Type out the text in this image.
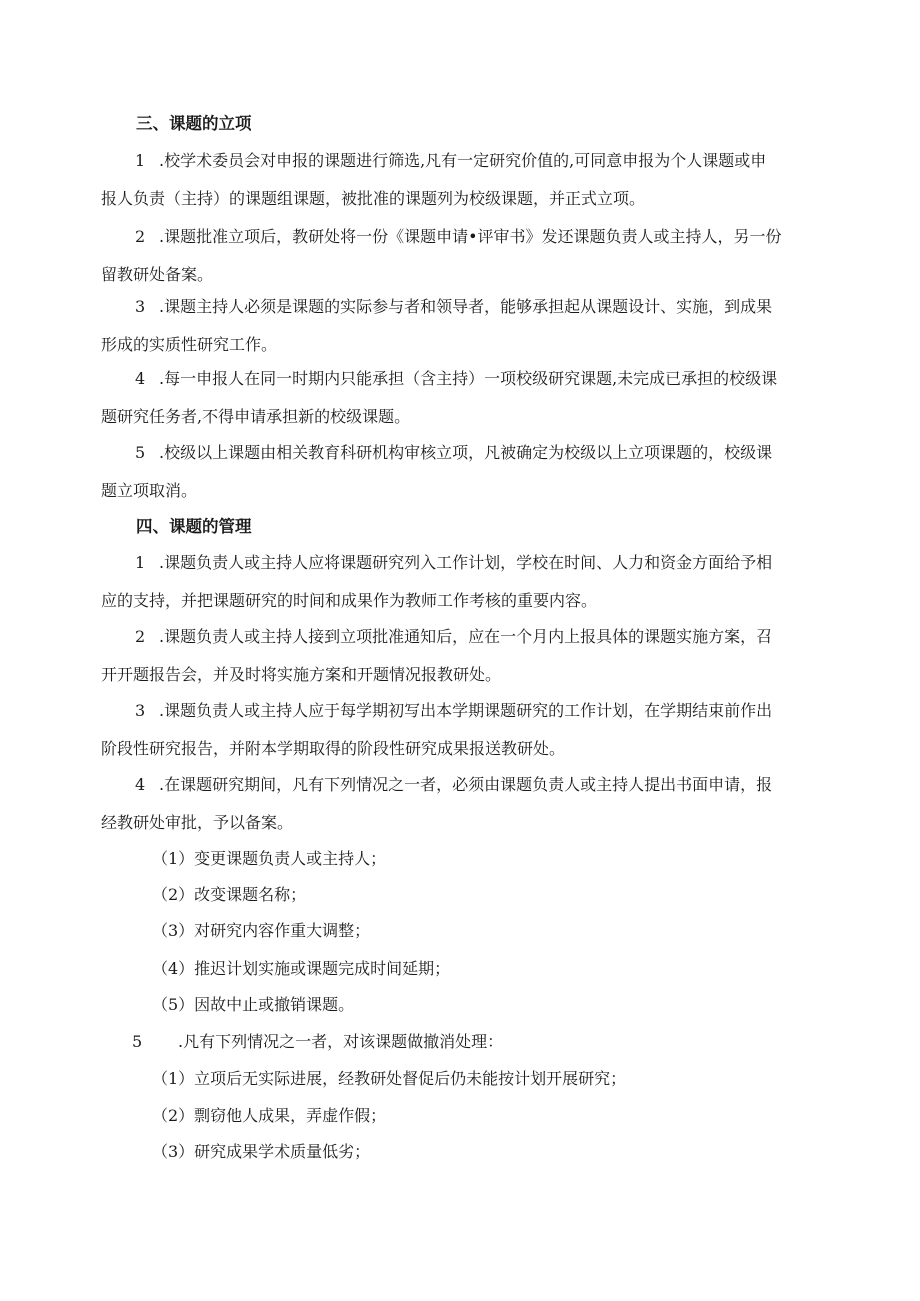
三、课题的立项
1 .校学术委员会对申报的课题进行筛选,凡有一定研究价值的,可同意申报为个人课题或申
报人负责（主持）的课题组课题，被批准的课题列为校级课题，并正式立项。
2 .课题批准立项后，教研处将一份《课题申请•评审书》发还课题负责人或主持人，另一份
留教研处备案。
3 .课题主持人必须是课题的实际参与者和领导者，能够承担起从课题设计、实施，到成果
形成的实质性研究工作。
4 .每一申报人在同一时期内只能承担（含主持）一项校级研究课题,未完成已承担的校级课
题研究任务者,不得申请承担新的校级课题。
5 .校级以上课题由相关教育科研机构审核立项，凡被确定为校级以上立项课题的，校级课
题立项取消。
四、课题的管理
1 .课题负责人或主持人应将课题研究列入工作计划，学校在时间、人力和资金方面给予相
应的支持，并把课题研究的时间和成果作为教师工作考核的重要内容。
2 .课题负责人或主持人接到立项批准通知后，应在一个月内上报具体的课题实施方案，召
开开题报告会，并及时将实施方案和开题情况报教研处。
3 .课题负责人或主持人应于每学期初写出本学期课题研究的工作计划，在学期结束前作出
阶段性研究报告，并附本学期取得的阶段性研究成果报送教研处。
4 .在课题研究期间，凡有下列情况之一者，必须由课题负责人或主持人提出书面申请，报
经教研处审批，予以备案。
（1）变更课题负责人或主持人；
（2）改变课题名称；
（3）对研究内容作重大调整；
（4）推迟计划实施或课题完成时间延期；
（5）因故中止或撤销课题。
5 .凡有下列情况之一者，对该课题做撤消处理：
（1）立项后无实际进展，经教研处督促后仍未能按计划开展研究；
（2）剽窃他人成果，弄虚作假；
（3）研究成果学术质量低劣；
